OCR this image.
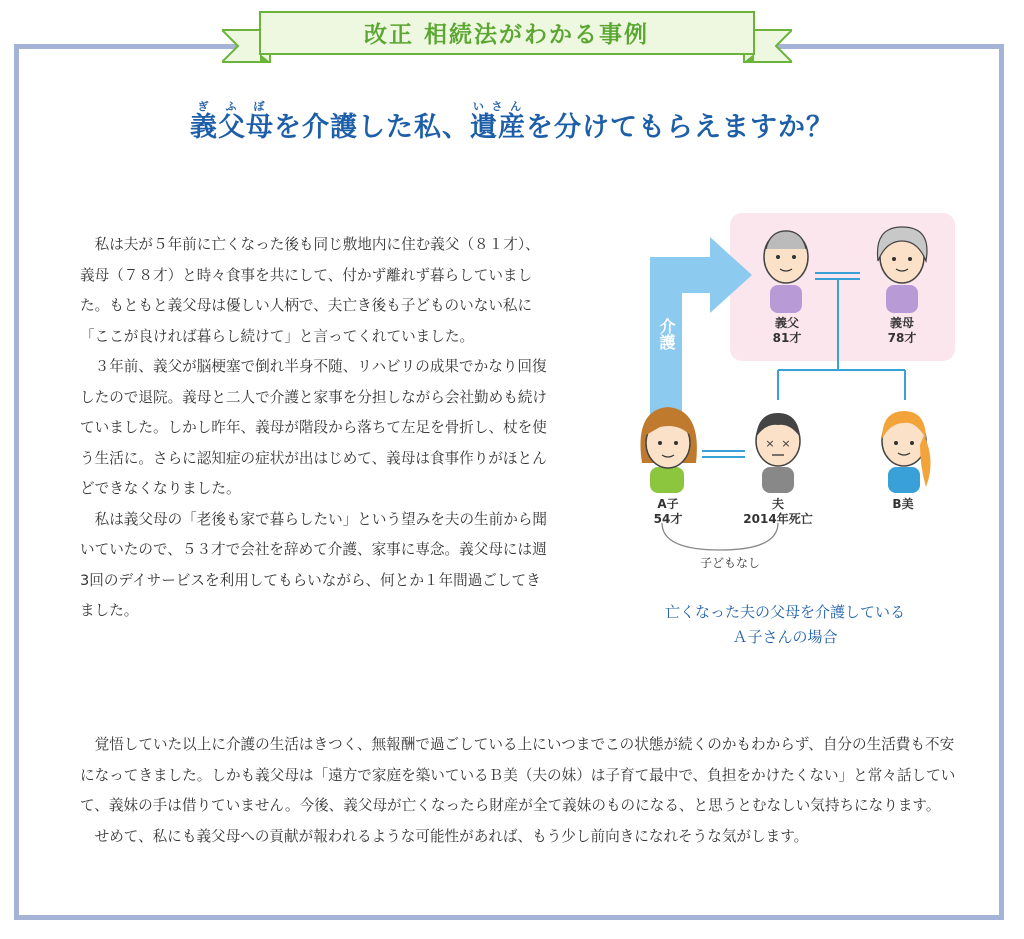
改正 相続法がわかる事例
義父母ぎふぼを介護した私、遺産いさんを分けてもらえますか？

私は夫が５年前に亡くなった後も同じ敷地内に住む義父（８１才）、義母（７８才）と時々食事を共にして、付かず離れず暮らしていました。もともと義父母は優しい人柄で、夫亡き後も子どものいない私に「ここが良ければ暮らし続けて」と言ってくれていました。

３年前、義父が脳梗塞で倒れ半身不随、リハビリの成果でかなり回復したので退院。義母と二人で介護と家事を分担しながら会社勤めも続けていました。しかし昨年、義母が階段から落ちて左足を骨折し、杖を使う生活に。さらに認知症の症状が出はじめて、義母は食事作りがほとんどできなくなりました。

私は義父母の「老後も家で暮らしたい」という望みを夫の生前から聞いていたので、５３才で会社を辞めて介護、家事に専念。義父母には週3回のデイサービスを利用してもらいながら、何とか１年間過ごしてきました。

覚悟していた以上に介護の生活はきつく、無報酬で過ごしている上にいつまでこの状態が続くのかもわからず、自分の生活費も不安になってきました。しかも義父母は「遠方で家庭を築いているＢ美（夫の妹）は子育て最中で、負担をかけたくない」と常々話していて、義妹の手は借りていません。今後、義父母が亡くなったら財産が全て義妹のものになる、と思うとむなしい気持ちになります。

せめて、私にも義父母への貢献が報われるような可能性があれば、もう少し前向きになれそうな気がします。

× ×
介護	義父
81才
義母
78才
A子
54才
夫
2014年死亡
B美
子どもなし
亡くなった夫の父母を介護している
Ａ子さんの場合
